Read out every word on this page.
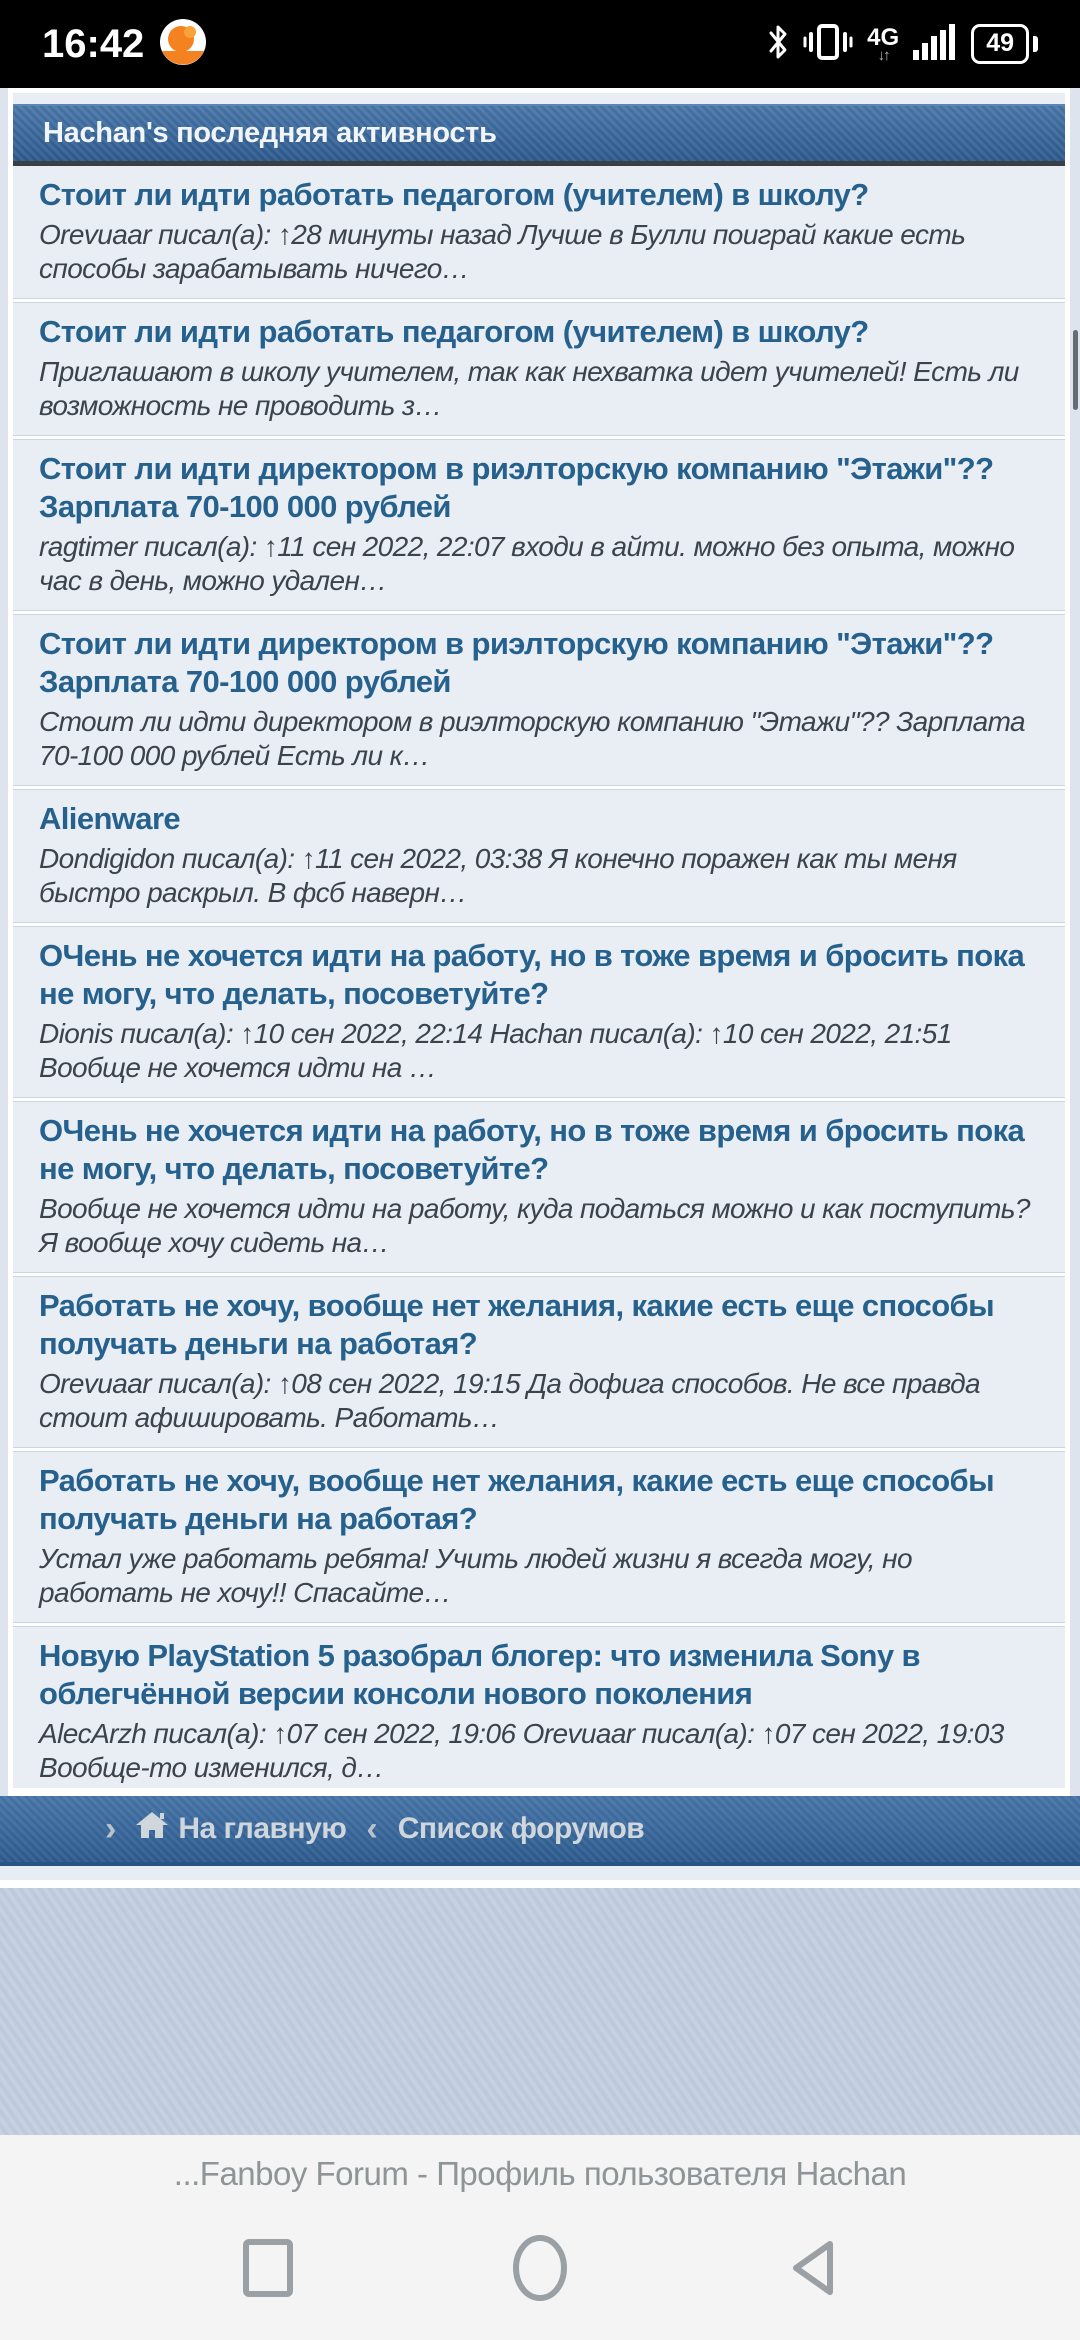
16:42	4G
↓↑	49
Hachan's последняя активность
Стоит ли идти работать педагогом (учителем) в школу?

Orevuaar писал(а): ↑28 минуты назад Лучше в Булли поиграй какие есть способы зарабатывать ничего…

Стоит ли идти работать педагогом (учителем) в школу?

Приглашают в школу учителем, так как нехватка идет учителей! Есть ли возможность не проводить з…

Стоит ли идти директором в риэлторскую компанию "Этажи"?? Зарплата 70-100 000 рублей

ragtimer писал(а): ↑11 сен 2022, 22:07 входи в айти. можно без опыта, можно час в день, можно удален…

Стоит ли идти директором в риэлторскую компанию "Этажи"?? Зарплата 70-100 000 рублей

Стоит ли идти директором в риэлторскую компанию "Этажи"?? Зарплата 70-100 000 рублей Есть ли к…

Alienware

Dondigidon писал(а): ↑11 сен 2022, 03:38 Я конечно поражен как ты меня быстро раскрыл. В фсб наверн…

ОЧень не хочется идти на работу, но в тоже время и бросить пока не могу, что делать, посоветуйте?

Dionis писал(а): ↑10 сен 2022, 22:14 Hachan писал(а): ↑10 сен 2022, 21:51 Вообще не хочется идти на …

ОЧень не хочется идти на работу, но в тоже время и бросить пока не могу, что делать, посоветуйте?

Вообще не хочется идти на работу, куда податься можно и как поступить? Я вообще хочу сидеть на…

Работать не хочу, вообще нет желания, какие есть еще способы получать деньги на работая?

Orevuaar писал(а): ↑08 сен 2022, 19:15 Да дофига способов. Не все правда стоит афишировать. Работать…

Работать не хочу, вообще нет желания, какие есть еще способы получать деньги на работая?

Устал уже работать ребята! Учить людей жизни я всегда могу, но работать не хочу!! Спасайте…

Новую PlayStation 5 разобрал блогер: что изменила Sony в облегчённой версии консоли нового поколения

AlecArzh писал(а): ↑07 сен 2022, 19:06 Orevuaar писал(а): ↑07 сен 2022, 19:03 Вообще-то изменился, д…

› На главную ‹ Список форумов
...Fanboy Forum - Профиль пользователя Hachan
